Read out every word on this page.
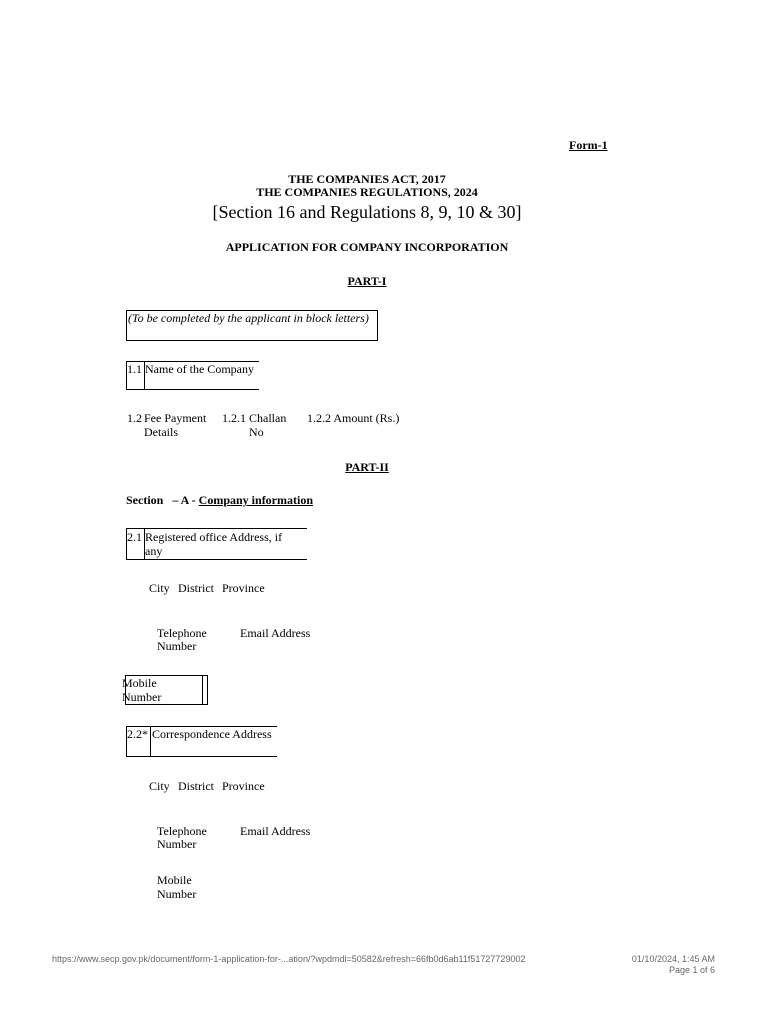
Form-1
THE COMPANIES ACT, 2017
THE COMPANIES REGULATIONS, 2024
[Section 16 and Regulations 8, 9, 10 & 30]
APPLICATION FOR COMPANY INCORPORATION
PART-I
(To be completed by the applicant in block letters)
1.1 Name of the Company
1.2 Fee Payment
Details
1.2.1 Challan
No
1.2.2 Amount (Rs.)
PART-II
Section   – A - Company information
2.1 Registered office Address, if
any
City District Province
Telephone
Number
Email Address
Mobile
Number
2.2* Correspondence Address
City District Province
Telephone
Number
Email Address
Mobile
Number
https://www.secp.gov.pk/document/form-1-application-for-...ation/?wpdmdl=50582&refresh=66fb0d6ab11f51727729002	01/10/2024, 1:45 AM
Page 1 of 6
